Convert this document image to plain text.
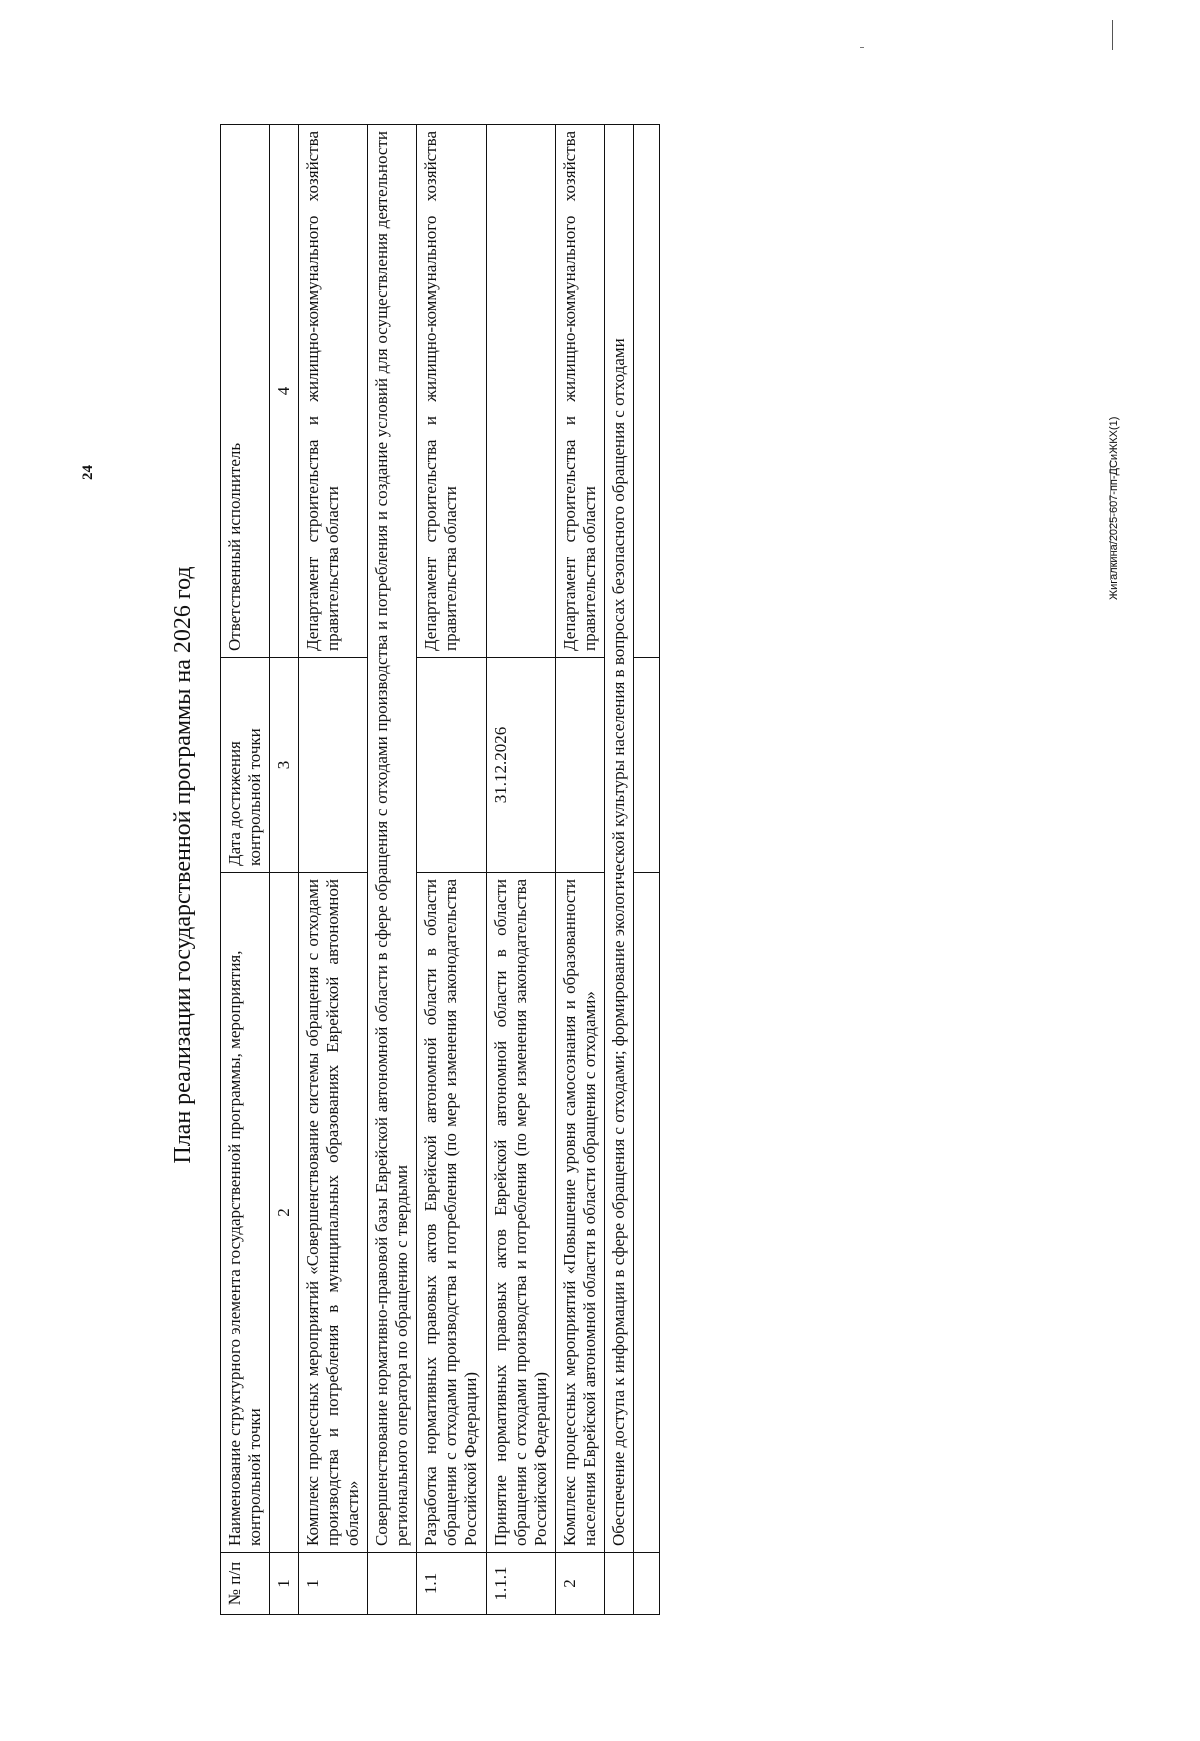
24	Жигалкина/2025-607-пп-ДСиЖКХ(1)
План реализации государственной программы на 2026 год
№ п/п	Наименование структурного элемента государственной программы, мероприятия, контрольной точки	Дата достижения контрольной точки	Ответственный исполнитель
1	2	3	4
1	Комплекс процессных мероприятий «Совершенствование системы обращения с отходами производства и потребления в муниципальных образованиях Еврейской автономной области»		Департамент строительства и жилищно-коммунального хозяйства правительства области
	Совершенствование нормативно-правовой базы Еврейской автономной области в сфере обращения с отходами производства и потребления и создание условий для осуществления деятельности регионального оператора по обращению с твердыми		
1.1	Разработка нормативных правовых актов Еврейской автономной области в области обращения с отходами производства и потребления (по мере изменения законодательства Российской Федерации)		Департамент строительства и жилищно-коммунального хозяйства правительства области
1.1.1	Принятие нормативных правовых актов Еврейской автономной области в области обращения с отходами производства и потребления (по мере изменения законодательства Российской Федерации)	31.12.2026	
2	Комплекс процессных мероприятий «Повышение уровня самосознания и образованности населения Еврейской автономной области в области обращения с отходами»		Департамент строительства и жилищно-коммунального хозяйства правительства области
	Обеспечение доступа к информации в сфере обращения с отходами; формирование экологической культуры населения в вопросах безопасного обращения с отходами		
